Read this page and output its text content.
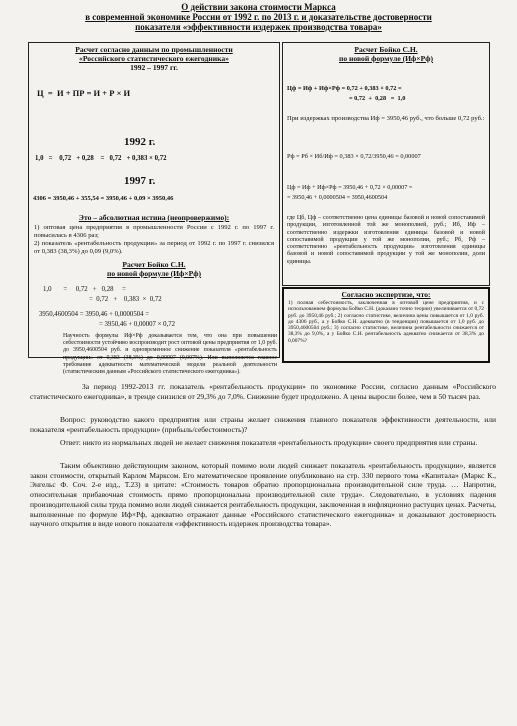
О действии закона стоимости Маркса
в современной экономике России от 1992 г. по 2013 г. и доказательстве достоверности
показателя «эффективности издержек производства товара»
Расчет согласно данным по промышленности
«Российского статистического ежегодника»
1992 – 1997 гг.
Ц  =  И + ПР = И + Р × И
1992 г.
1,0   =    0,72   + 0,28    =   0,72   + 0,383 × 0,72
1997 г.
4306 = 3950,46 + 355,54 = 3950,46 + 0,09 × 3950,46
Это – абсолютная истина (неопровержимо):
1) оптовая цена предприятия в промышленности России с 1992 г. по 1997 г. повысилась в 4306 раз;
2) показатель «рентабельность продукции» за период от 1992 г. по 1997 г. снизился от 0,383 (38,3%) до 0,09 (9,0%).
Расчет Бойко С.Н.
по новой формуле (Иф×Рф)
1,0       =     0,72   +   0,28     =
=  0,72   +    0,383  ×  0,72
3950,4600504 = 3950,46 + 0,0000504 =
= 3950,46 + 0,00007 × 0,72
Научность формулы Иф×Рф доказывается тем, что она при повышении себестоимости устойчиво воспроизводит рост оптовой цены предприятия от 1,0 руб. до 3950,4600504 руб. и одновременное снижение показателя «рентабельность продукции» от 0,383 (38,3%) до 0,00007 (0,007%). Или выполняется главное требование адекватности математической модели реальной деятельности (статистическим данным «Российского статистического ежегодника»).
Расчет Бойко С.Н.
по новой формуле (Иф×Рф)
Цф = Иф + Иф×Рф = 0,72 + 0,383 × 0,72 =
= 0,72  +  0,28   =  1,0
При издержках производства Иф = 3950,46 руб., что больше 0,72 руб.:
Рф = Рб × Иб/Иф = 0,383 × 0,72/3950,46 = 0,00007
Цф = Иф + Иф×Рф = 3950,46 + 0,72 × 0,00007 =
= 3950,46 + 0,0000504 = 3950,4600504
где Цб, Цф – соответственно цена единицы базовой и новой сопоставимой продукции, изготовленной той же монополией, руб.; Иб, Иф – соответственно издержки изготовления единицы базовой и новой сопоставимой продукции у той же монополии, руб.; Рб, Рф – соответственно «рентабельность продукции» изготовления единицы базовой и новой сопоставимой продукции у той же монополии, доли единицы.
Согласно экспертизе, что:
1) полная себестоимость, заключенная в оптовой цене предприятия, и с использованием формулы Бойко С.Н. (доказано точно теории) увеличивается от 0,72 руб. до 3950,46 руб.; 2) согласно статистике, величина цены повышается от 1,0 руб. до 4306 руб., а у Бойко С.Н. адекватно (в тенденции) повышается от 1,0 руб. до 3950,4600504 руб.; 3) согласно статистике, величина рентабельности снижается от 38,3% до 9,0%, а у Бойко С.Н. рентабельность адекватно снижается от 38,3% до 0,007%?
За период 1992-2013 гг. показатель «рентабельность продукции» по экономике России, согласно данным «Российского статистического ежегодника», в тренде снизился от 29,3% до 7,0%. Снижение будет продолжено. А цены выросли более, чем в 50 тысяч раз.
Вопрос: руководство какого предприятия или страны желает снижения главного показателя эффективности деятельности, или показателя «рентабельность продукции» (прибыль/себестоимость)?
Ответ: никто из нормальных людей не желает снижения показателя «рентабельность продукции» своего предприятия или страны.
Таким объективно действующим законом, который помимо воли людей снижает показатель «рентабельность продукции», является закон стоимости, открытый Карлом Марксом. Его математическое проявление опубликовано на стр. 330 первого тома «Капитала» (Маркс К., Энгельс Ф. Соч. 2-е изд., Т.23) в цитате: «Стоимость товаров обратно пропорциональна производительной силе труда. … Напротив, относительная прибавочная стоимость прямо пропорциональна производительной силе труда». Следовательно, в условиях падения производительной силы труда помимо воли людей снижается рентабельность продукции, заключенная в инфляционно растущих ценах. Расчеты, выполненные по формуле Иф×Рф, адекватно отражают данные «Российского статистического ежегодника» и доказывают достоверность научного открытия в виде нового показателя «эффективность издержек производства товара».
